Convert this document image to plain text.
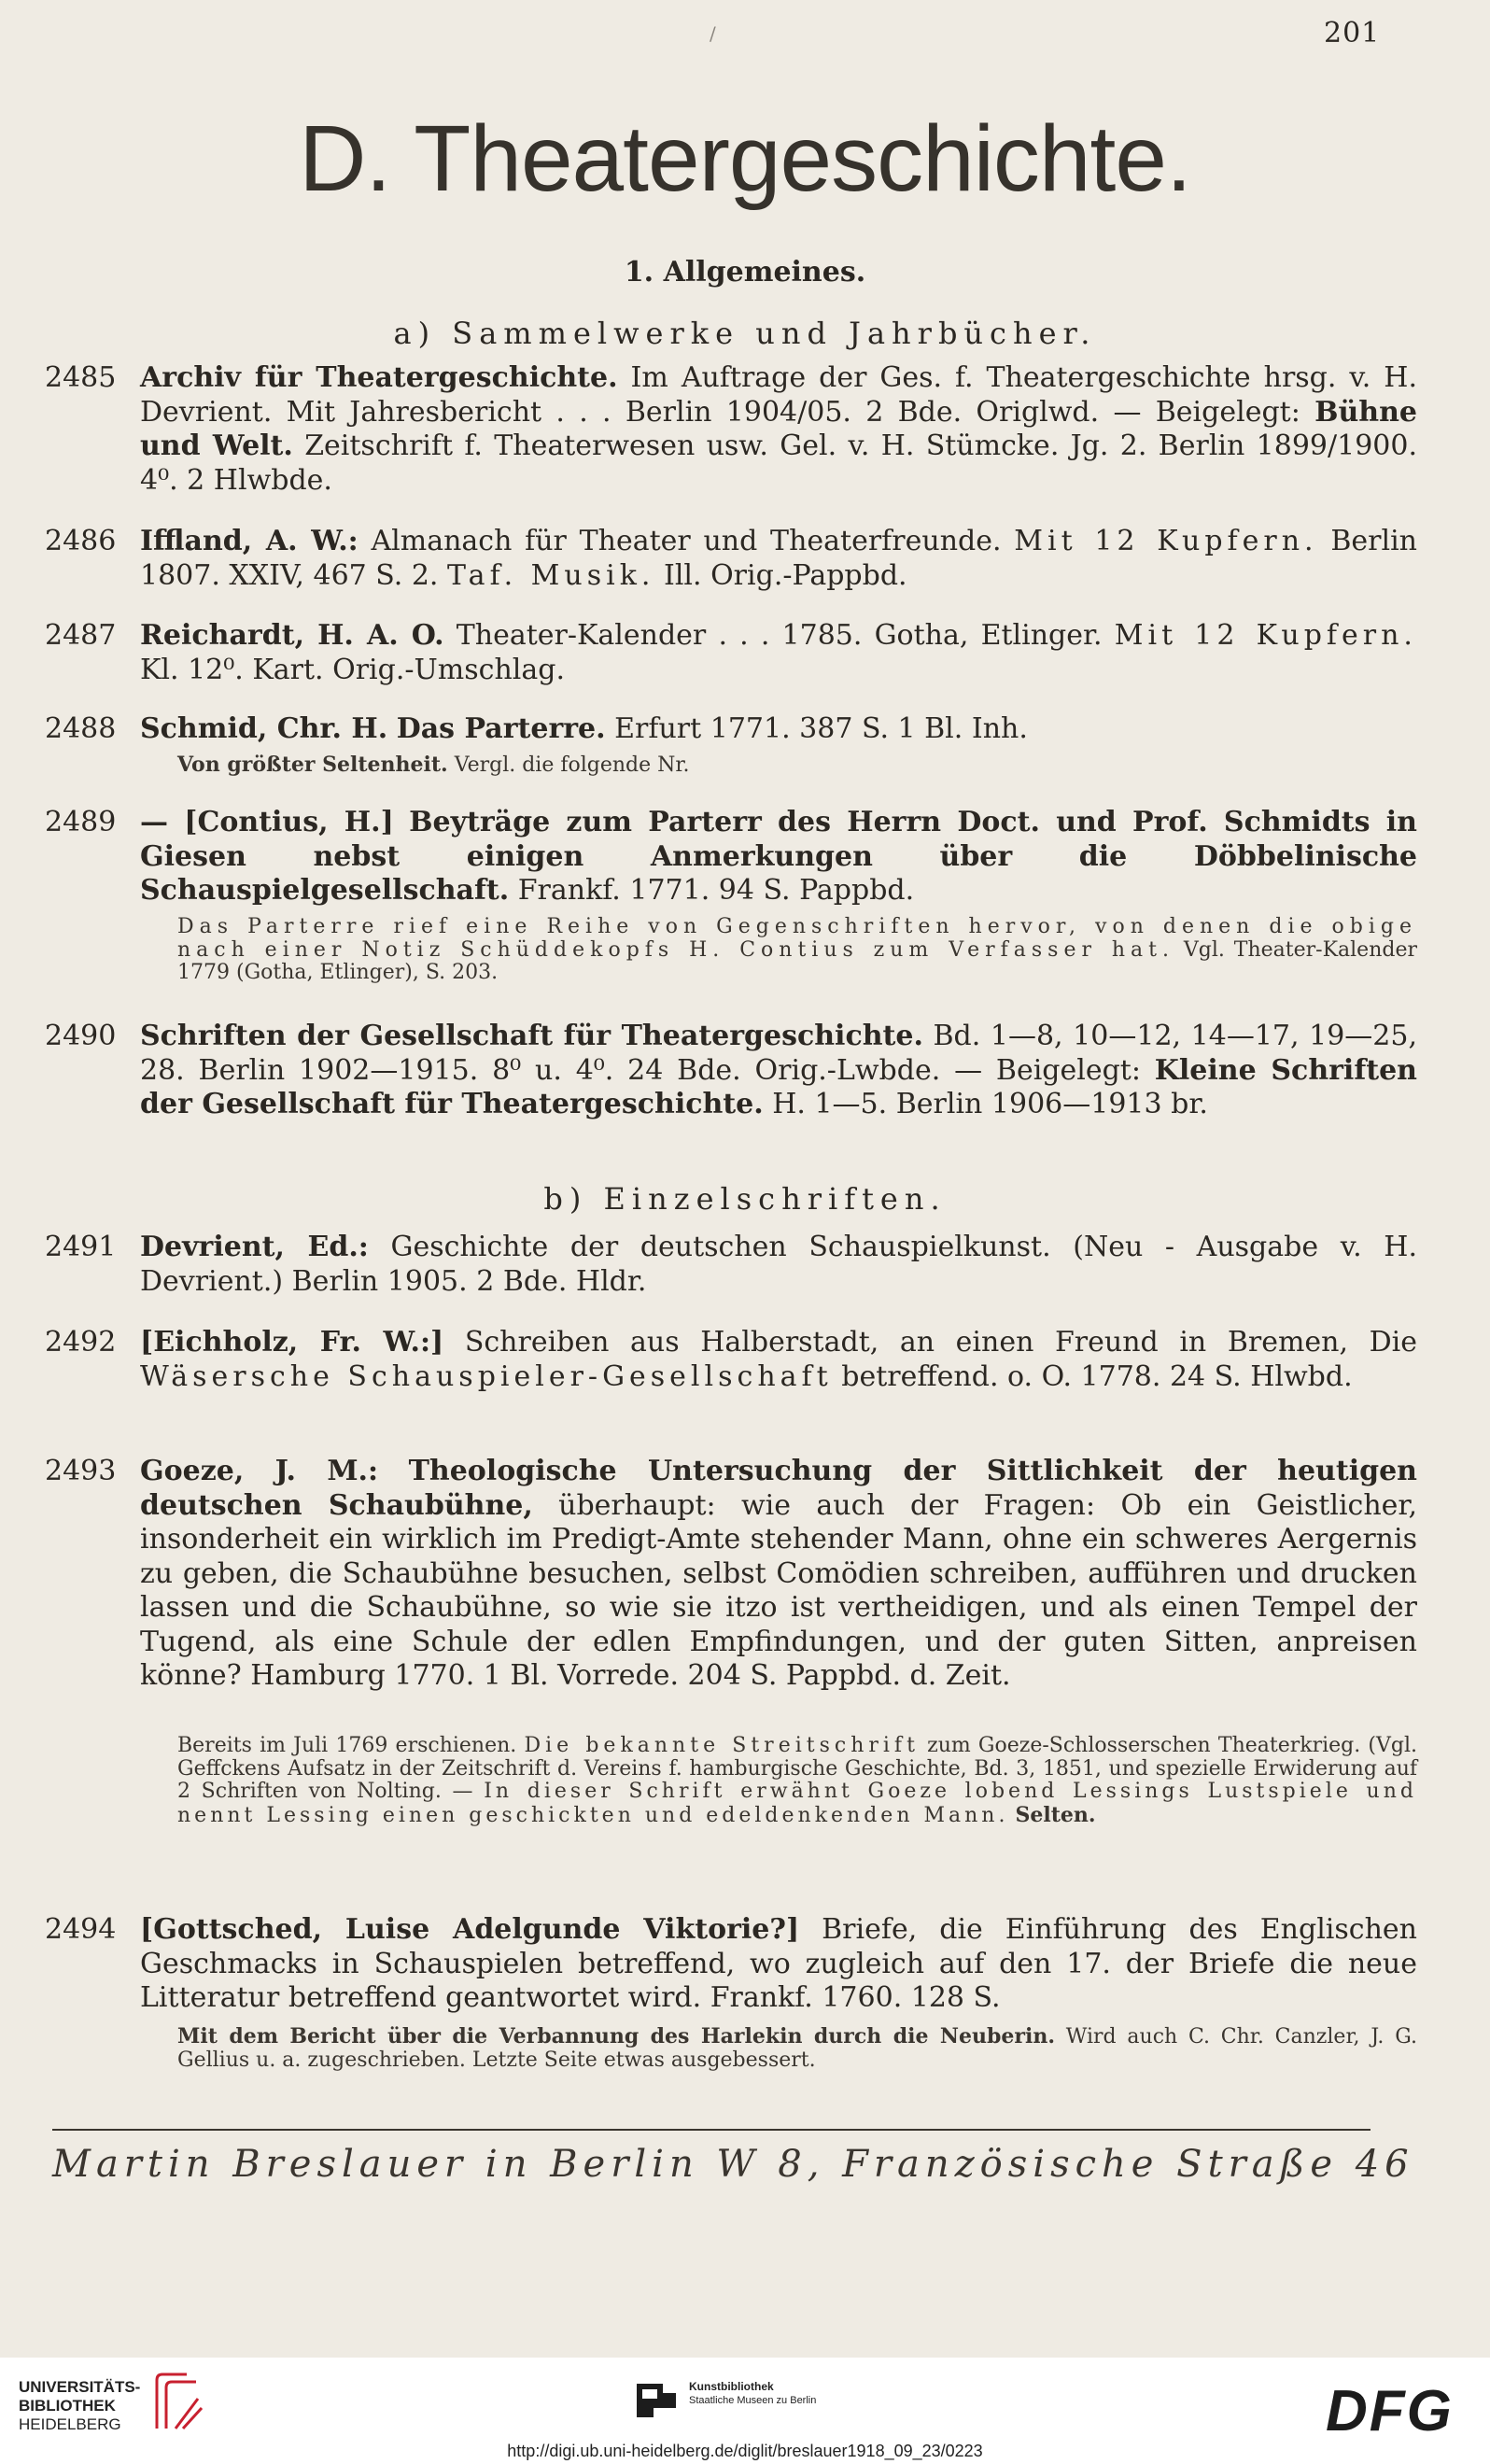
/	201
D. Theatergeschichte.
1. Allgemeines.
a) Sammelwerke und Jahrbücher.
2485 Archiv für Theatergeschichte. Im Auftrage der Ges. f. Theatergeschichte hrsg. v. H. Devrient. Mit Jahresbericht . . . Berlin 1904/05. 2 Bde. Origlwd. — Beigelegt: Bühne und Welt. Zeitschrift f. Theaterwesen usw. Gel. v. H. Stümcke. Jg. 2. Berlin 1899/1900. 4⁰. 2 Hlwbde.
2486 Iffland, A. W.: Almanach für Theater und Theaterfreunde. Mit 12 Kupfern. Berlin 1807. XXIV, 467 S. 2. Taf. Musik. Ill. Orig.-Pappbd.
2487 Reichardt, H. A. O. Theater-Kalender . . . 1785. Gotha, Etlinger. Mit 12 Kupfern. Kl. 12⁰. Kart. Orig.-Umschlag.
2488 Schmid, Chr. H. Das Parterre. Erfurt 1771. 387 S. 1 Bl. Inh.
Von größter Seltenheit. Vergl. die folgende Nr.
2489 — [Contius, H.] Beyträge zum Parterr des Herrn Doct. und Prof. Schmidts in Giesen nebst einigen Anmerkungen über die Döbbelinische Schauspielgesellschaft. Frankf. 1771. 94 S. Pappbd.
Das Parterre rief eine Reihe von Gegenschriften hervor, von denen die obige nach einer Notiz Schüddekopfs H. Contius zum Verfasser hat. Vgl. Theater-Kalender 1779 (Gotha, Etlinger), S. 203.
2490 Schriften der Gesellschaft für Theatergeschichte. Bd. 1—8, 10—12, 14—17, 19—25, 28. Berlin 1902—1915. 8⁰ u. 4⁰. 24 Bde. Orig.-Lwbde. — Beigelegt: Kleine Schriften der Gesellschaft für Theatergeschichte. H. 1—5. Berlin 1906—1913 br.
b) Einzelschriften.
2491 Devrient, Ed.: Geschichte der deutschen Schauspielkunst. (Neu - Ausgabe v. H. Devrient.) Berlin 1905. 2 Bde. Hldr.
2492 [Eichholz, Fr. W.:] Schreiben aus Halberstadt, an einen Freund in Bremen, Die Wäsersche Schauspieler-Gesellschaft betreffend. o. O. 1778. 24 S. Hlwbd.
2493 Goeze, J. M.: Theologische Untersuchung der Sittlichkeit der heutigen deutschen Schaubühne, überhaupt: wie auch der Fragen: Ob ein Geistlicher, insonderheit ein wirklich im Predigt-Amte stehender Mann, ohne ein schweres Aergernis zu geben, die Schaubühne besuchen, selbst Comödien schreiben, aufführen und drucken lassen und die Schaubühne, so wie sie itzo ist vertheidigen, und als einen Tempel der Tugend, als eine Schule der edlen Empfindungen, und der guten Sitten, anpreisen könne? Hamburg 1770. 1 Bl. Vorrede. 204 S. Pappbd. d. Zeit.
Bereits im Juli 1769 erschienen. Die bekannte Streitschrift zum Goeze-Schlosserschen Theaterkrieg. (Vgl. Geffckens Aufsatz in der Zeitschrift d. Vereins f. hamburgische Geschichte, Bd. 3, 1851, und spezielle Erwiderung auf 2 Schriften von Nolting. — In dieser Schrift erwähnt Goeze lobend Lessings Lustspiele und nennt Lessing einen geschickten und edeldenkenden Mann. Selten.
2494 [Gottsched, Luise Adelgunde Viktorie?] Briefe, die Einführung des Englischen Geschmacks in Schauspielen betreffend, wo zugleich auf den 17. der Briefe die neue Litteratur betreffend geantwortet wird. Frankf. 1760. 128 S.
Mit dem Bericht über die Verbannung des Harlekin durch die Neuberin. Wird auch C. Chr. Canzler, J. G. Gellius u. a. zugeschrieben. Letzte Seite etwas ausgebessert.
Martin Breslauer in Berlin W 8, Französische Straße 46
UNIVERSITÄTS-
BIBLIOTHEK
HEIDELBERG
Kunstbibliothek
Staatliche Museen zu Berlin	DFG
http://digi.ub.uni-heidelberg.de/diglit/breslauer1918_09_23/0223
